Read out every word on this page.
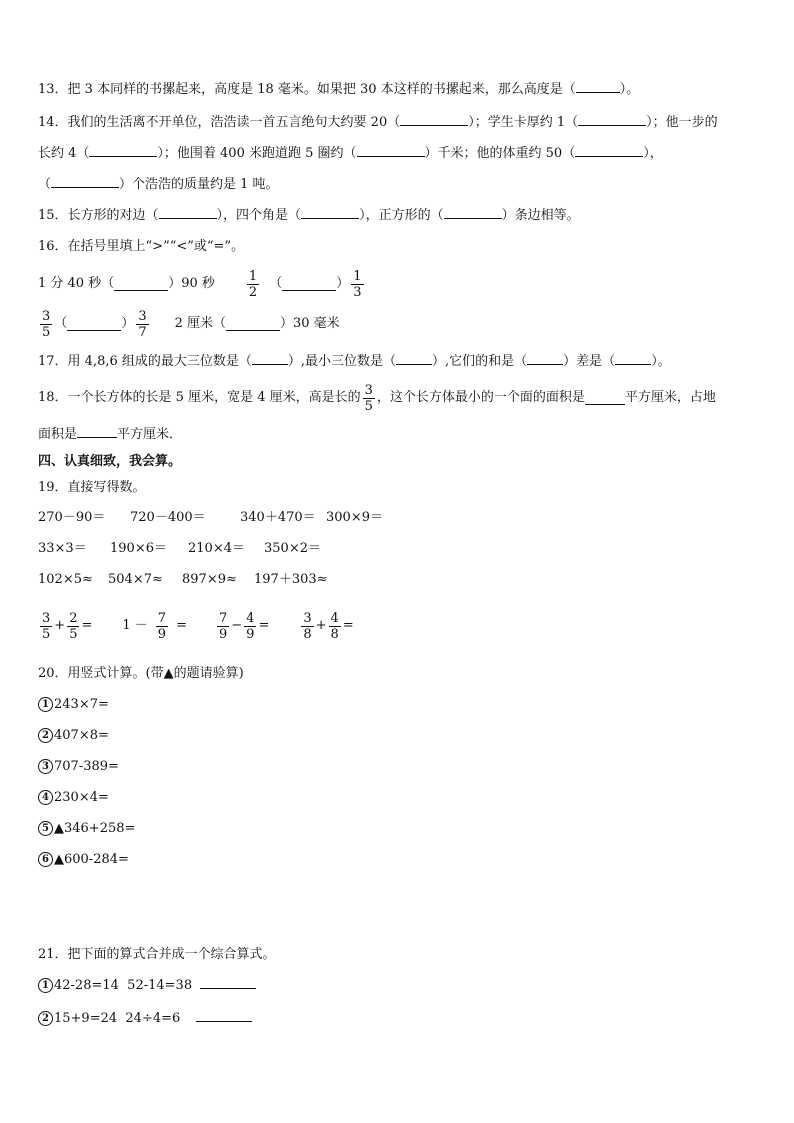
13．把 3 本同样的书摞起来，高度是 18 毫米。如果把 30 本这样的书摞起来，那么高度是（	）。
14．我们的生活离不开单位，浩浩读一首五言绝句大约要 20（	）；学生卡厚约 1（	）；他一步的
长约 4（	）；他围着 400 米跑道跑 5 圈约（	）千米；他的体重约 50（	），
（	）个浩浩的质量约是 1 吨。
15．长方形的对边（	），四个角是（	），正方形的（	）条边相等。
16．在括号里填上“>”“<”或“=”。
1 分 40 秒（	）90 秒 $\frac{1}{2}$ （	） $\frac{1}{3}$
$\frac{3}{5}$ （	） $\frac{3}{7} 2$ 厘米（	）30 毫米
17．用 4,8,6 组成的最大三位数是（	）,最小三位数是（	）,它们的和是（	）差是（	）。
18．一个长方体的长是 5 厘米，宽是 4 厘米，高是长的 $\frac{3}{5}$ ，这个长方体最小的一个面的面积是	平方厘米，占地
面积是	平方厘米．
四、认真细致，我会算。
19．直接写得数。
270－90＝ 720－400＝	340＋470＝ 300×9＝
33×3＝ 190×6＝ 210×4＝ 350×2＝
102×5≈ 504×7≈ 897×9≈ 197＋303≈
$\frac{3}{5} + \frac{2}{5} = 1 - \frac{7}{9} = \frac{7}{9} - \frac{4}{9} = \frac{3}{8} + \frac{4}{8}$ =
20．用竖式计算。(带▲的题请验算)
1 243×7=
2 407×8=
3 707-389=
4 230×4=
5 ▲346+258=
6 ▲600-284=
21．把下面的算式合并成一个综合算式。
1 42-28=14  52-14=38
2 15+9=24  24÷4=6
